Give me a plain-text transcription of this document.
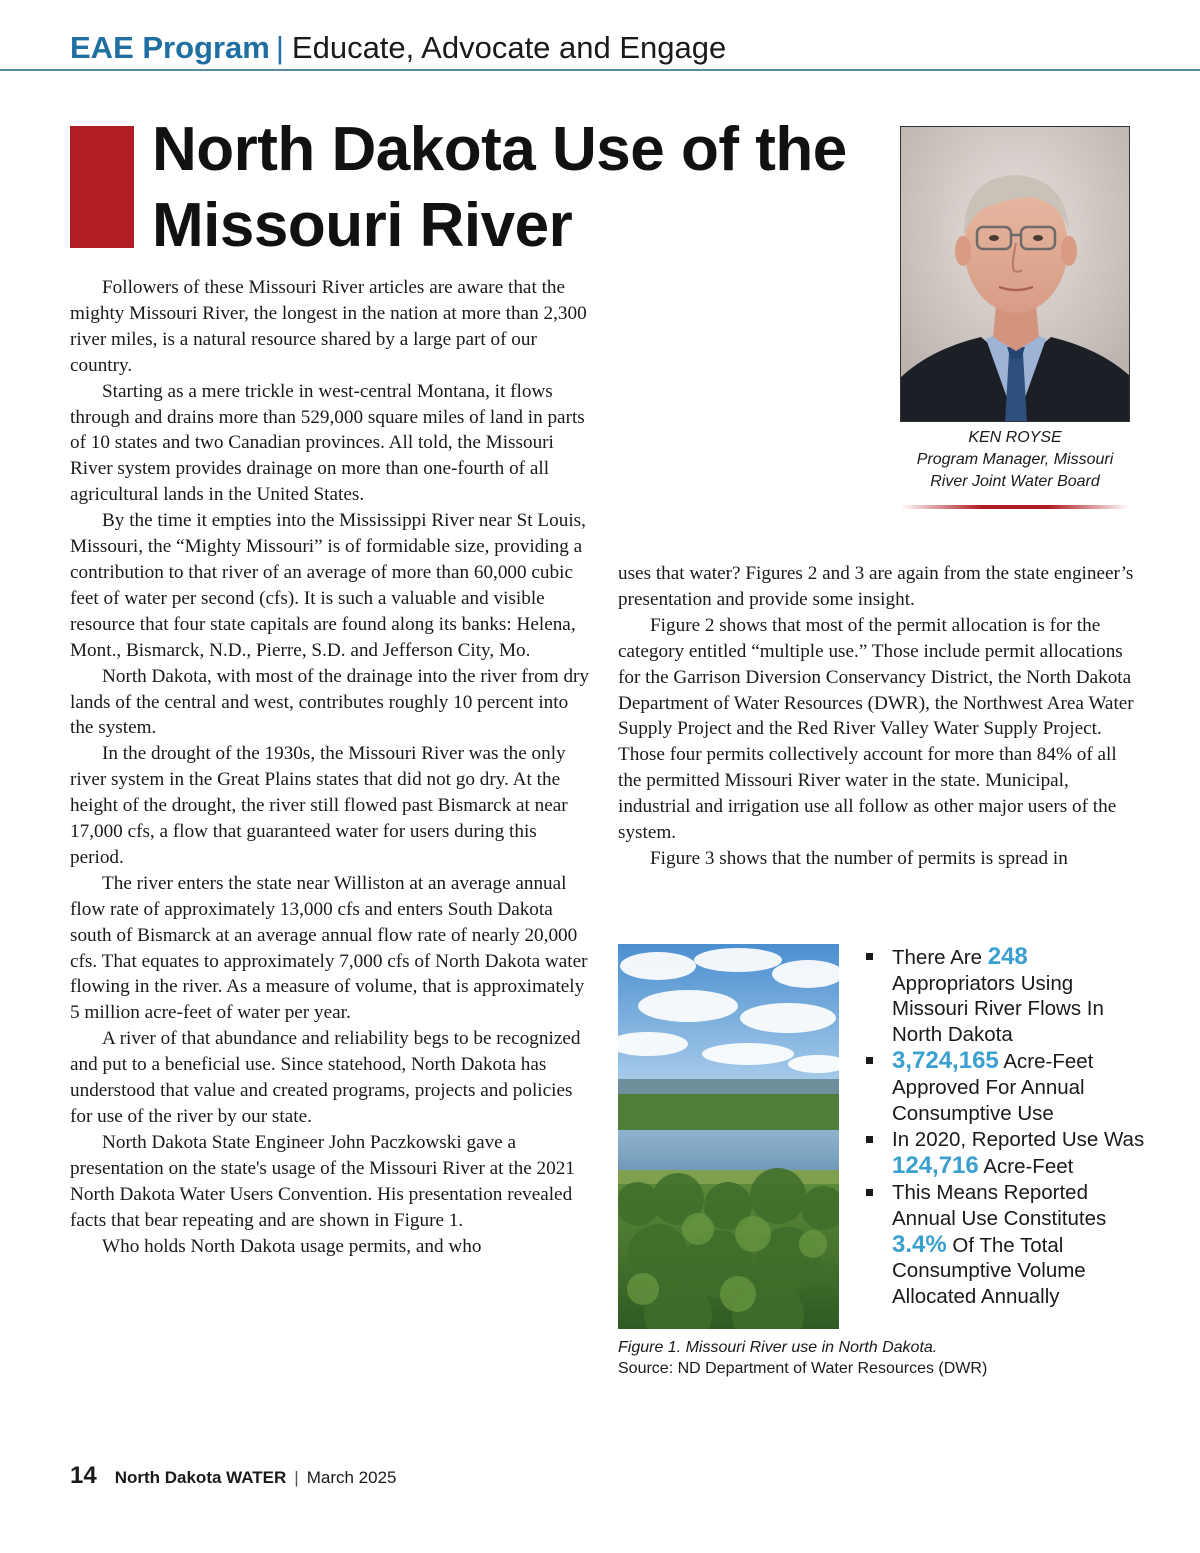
EAE Program | Educate, Advocate and Engage
North Dakota Use of the Missouri River
KEN ROYSE
Program Manager, Missouri
River Joint Water Board

Followers of these Missouri River articles are aware that the mighty Missouri River, the longest in the nation at more than 2,300 river miles, is a natural resource shared by a large part of our country.

Starting as a mere trickle in west-central Montana, it flows through and drains more than 529,000 square miles of land in parts of 10 states and two Canadian provinces. All told, the Missouri River system provides drainage on more than one-fourth of all agricultural lands in the United States.

By the time it empties into the Mississippi River near St Louis, Missouri, the “Mighty Missouri” is of formidable size, providing a contribution to that river of an average of more than 60,000 cubic feet of water per second (cfs). It is such a valuable and visible resource that four state capitals are found along its banks: Helena, Mont., Bismarck, N.D., Pierre, S.D. and Jefferson City, Mo.

North Dakota, with most of the drainage into the river from dry lands of the central and west, contributes roughly 10 percent into the system.

In the drought of the 1930s, the Missouri River was the only river system in the Great Plains states that did not go dry. At the height of the drought, the river still flowed past Bismarck at near 17,000 cfs, a flow that guaranteed water for users during this period.

The river enters the state near Williston at an average annual flow rate of approximately 13,000 cfs and enters South Dakota south of Bismarck at an average annual flow rate of nearly 20,000 cfs. That equates to approximately 7,000 cfs of North Dakota water flowing in the river. As a measure of volume, that is approximately 5 million acre-feet of water per year.

A river of that abundance and reliability begs to be recognized and put to a beneficial use. Since statehood, North Dakota has understood that value and created programs, projects and policies for use of the river by our state.

North Dakota State Engineer John Paczkowski gave a presentation on the state's usage of the Missouri River at the 2021 North Dakota Water Users Convention. His presentation revealed facts that bear repeating and are shown in Figure 1.

Who holds North Dakota usage permits, and who

uses that water? Figures 2 and 3 are again from the state engineer’s presentation and provide some insight.

Figure 2 shows that most of the permit allocation is for the category entitled “multiple use.” Those include permit allocations for the Garrison Diversion Conservancy District, the North Dakota Department of Water Resources (DWR), the Northwest Area Water Supply Project and the Red River Valley Water Supply Project. Those four permits collectively account for more than 84% of all the permitted Missouri River water in the state. Municipal, industrial and irrigation use all follow as other major users of the system.

Figure 3 shows that the number of permits is spread in

There Are 248 Appropriators Using Missouri River Flows In North Dakota
3,724,165 Acre-Feet Approved For Annual Consumptive Use
In 2020, Reported Use Was 124,716 Acre-Feet
This Means Reported Annual Use Constitutes 3.4% Of The Total Consumptive Volume Allocated Annually
Figure 1. Missouri River use in North Dakota.
Source: ND Department of Water Resources (DWR)
14 North Dakota WATER | March 2025
